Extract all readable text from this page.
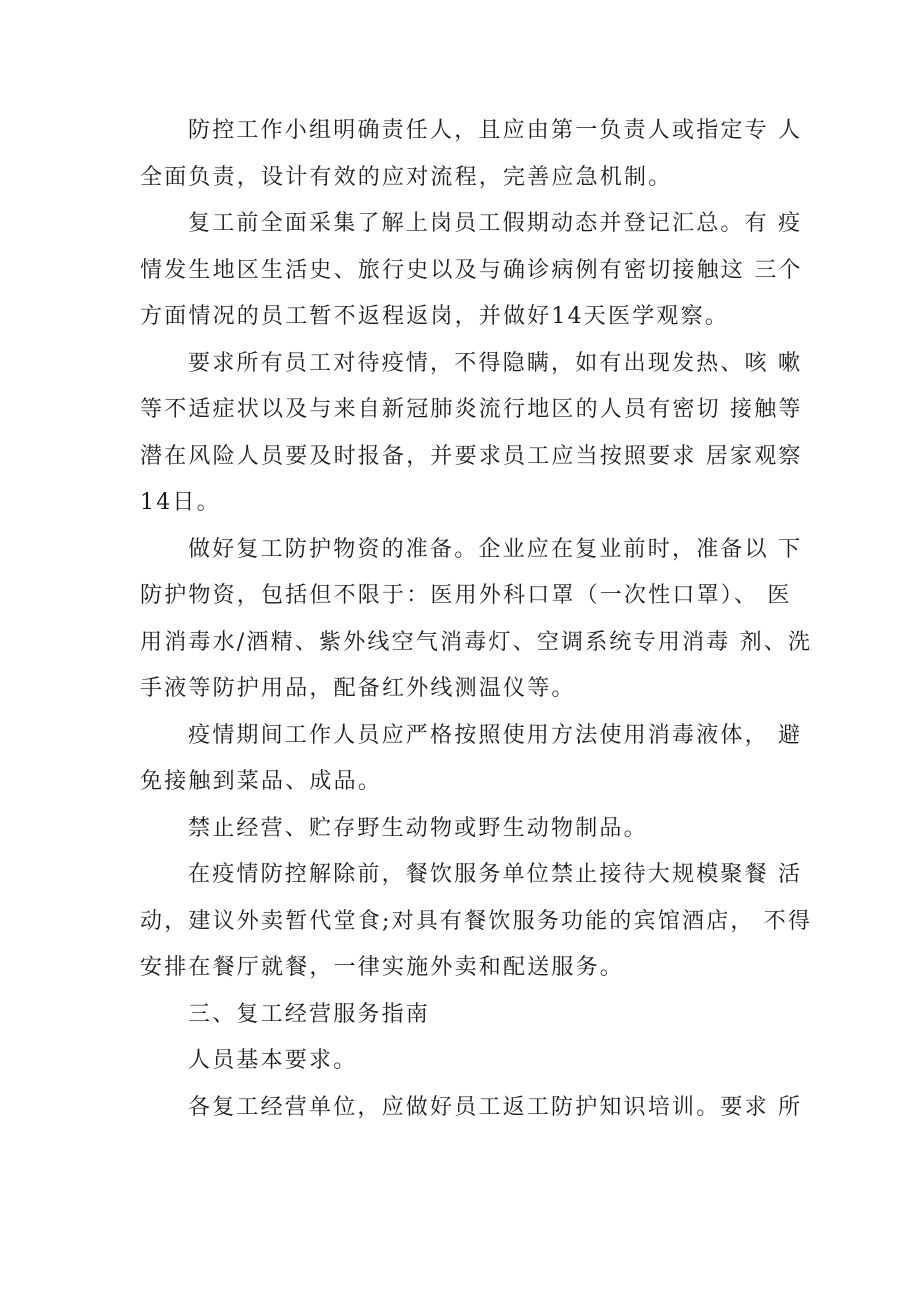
防控工作小组明确责任人，且应由第一负责人或指定专 人
全面负责，设计有效的应对流程，完善应急机制。
复工前全面采集了解上岗员工假期动态并登记汇总。有 疫
情发生地区生活史、旅行史以及与确诊病例有密切接触这 三个
方面情况的员工暂不返程返岗，并做好14天医学观察。
要求所有员工对待疫情，不得隐瞒，如有出现发热、咳 嗽
等不适症状以及与来自新冠肺炎流行地区的人员有密切 接触等
潜在风险人员要及时报备，并要求员工应当按照要求 居家观察
14日。
做好复工防护物资的准备。企业应在复业前时，准备以 下
防护物资，包括但不限于：医用外科口罩（一次性口罩）、 医
用消毒水/酒精、紫外线空气消毒灯、空调系统专用消毒 剂、洗
手液等防护用品，配备红外线测温仪等。
疫情期间工作人员应严格按照使用方法使用消毒液体， 避
免接触到菜品、成品。
禁止经营、贮存野生动物或野生动物制品。
在疫情防控解除前，餐饮服务单位禁止接待大规模聚餐 活
动，建议外卖暂代堂食;对具有餐饮服务功能的宾馆酒店， 不得
安排在餐厅就餐，一律实施外卖和配送服务。
三、复工经营服务指南
人员基本要求。
各复工经营单位，应做好员工返工防护知识培训。要求 所
